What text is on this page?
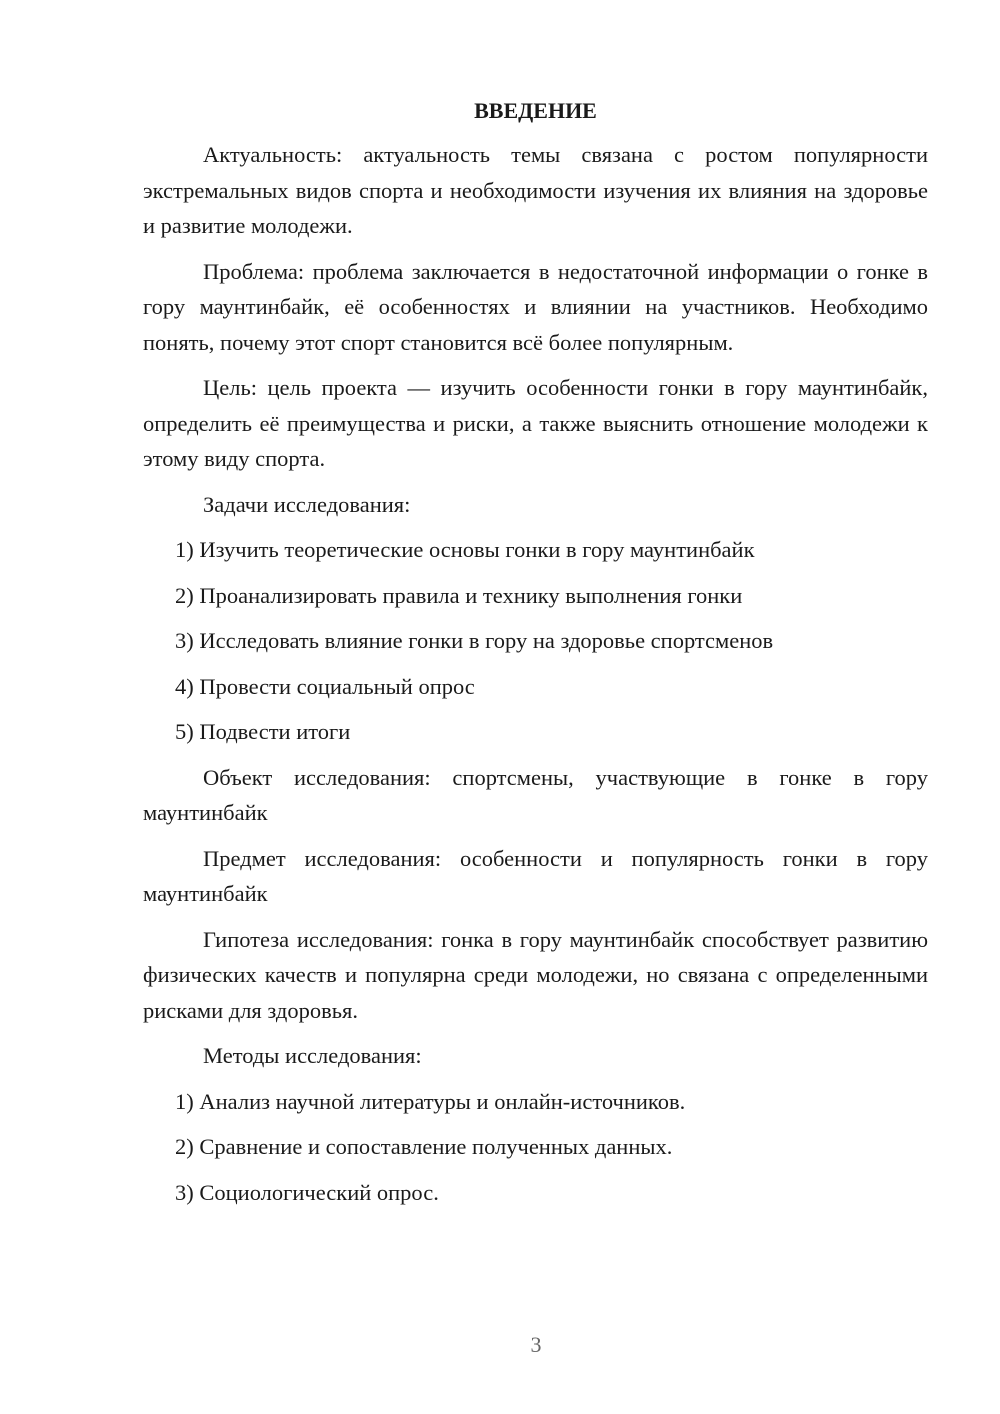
ВВЕДЕНИЕ

Актуальность: актуальность темы связана с ростом популярности экстремальных видов спорта и необходимости изучения их влияния на здоровье и развитие молодежи.

Проблема: проблема заключается в недостаточной информации о гонке в гору маунтинбайк, её особенностях и влиянии на участников. Необходимо понять, почему этот спорт становится всё более популярным.

Цель: цель проекта — изучить особенности гонки в гору маунтинбайк, определить её преимущества и риски, а также выяснить отношение молодежи к этому виду спорта.

Задачи исследования:

1) Изучить теоретические основы гонки в гору маунтинбайк
2) Проанализировать правила и технику выполнения гонки
3) Исследовать влияние гонки в гору на здоровье спортсменов
4) Провести социальный опрос
5) Подвести итоги

Объект исследования: спортсмены, участвующие в гонке в гору маунтинбайк

Предмет исследования: особенности и популярность гонки в гору маунтинбайк

Гипотеза исследования: гонка в гору маунтинбайк способствует развитию физических качеств и популярна среди молодежи, но связана с определенными рисками для здоровья.

Методы исследования:

1) Анализ научной литературы и онлайн-источников.
2) Сравнение и сопоставление полученных данных.
3) Социологический опрос.
3
